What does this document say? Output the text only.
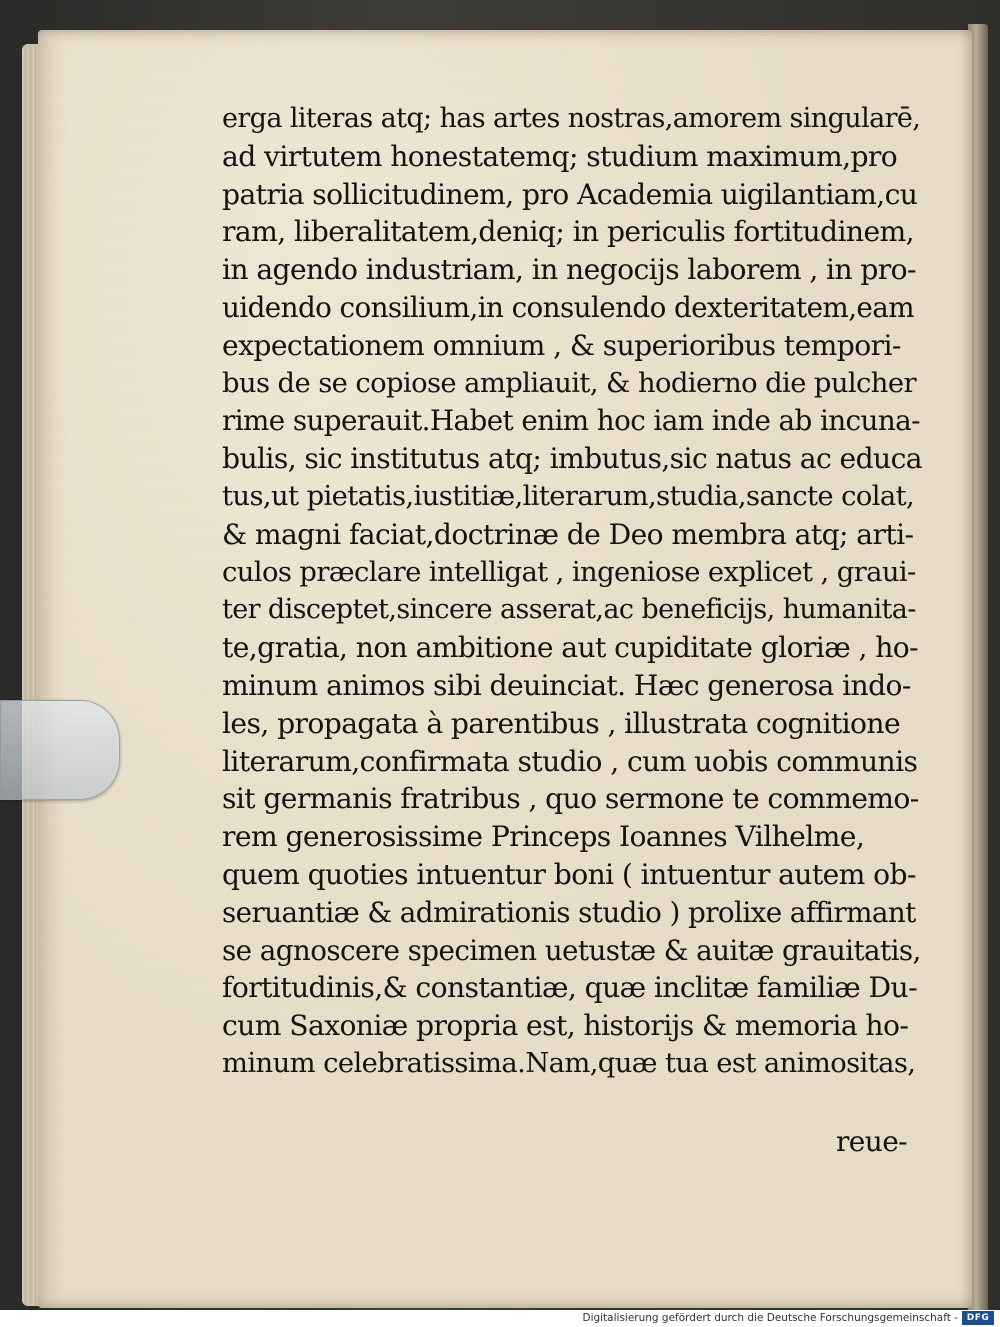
erga literas atq; has artes nostras,amorem singularē,
ad virtutem honestatemq; studium maximum,pro
patria sollicitudinem, pro Academia uigilantiam,cu
ram, liberalitatem,deniq; in periculis fortitudinem,
in agendo industriam, in negocijs laborem , in pro-
uidendo consilium,in consulendo dexteritatem,eam
expectationem omnium , & superioribus tempori-
bus de se copiose ampliauit, & hodierno die pulcher
rime superauit.Habet enim hoc iam inde ab incuna-
bulis, sic institutus atq; imbutus,sic natus ac educa
tus,ut pietatis,iustitiæ,literarum,studia,sancte colat,
& magni faciat,doctrinæ de Deo membra atq; arti-
culos præclare intelligat , ingeniose explicet , graui-
ter disceptet,sincere asserat,ac beneficijs, humanita-
te,gratia, non ambitione aut cupiditate gloriæ , ho-
minum animos sibi deuinciat. Hæc generosa indo-
les, propagata à parentibus , illustrata cognitione
literarum,confirmata studio , cum uobis communis
sit germanis fratribus , quo sermone te commemo-
rem generosissime Princeps Ioannes Vilhelme,
quem quoties intuentur boni ( intuentur autem ob-
seruantiæ & admirationis studio ) prolixe affirmant
se agnoscere specimen uetustæ & auitæ grauitatis,
fortitudinis,& constantiæ, quæ inclitæ familiæ Du-
cum Saxoniæ propria est, historijs & memoria ho-
minum celebratissima.Nam,quæ tua est animositas,
reue-
Digitalisierung gefördert durch die Deutsche Forschungsgemeinschaft - DFG
